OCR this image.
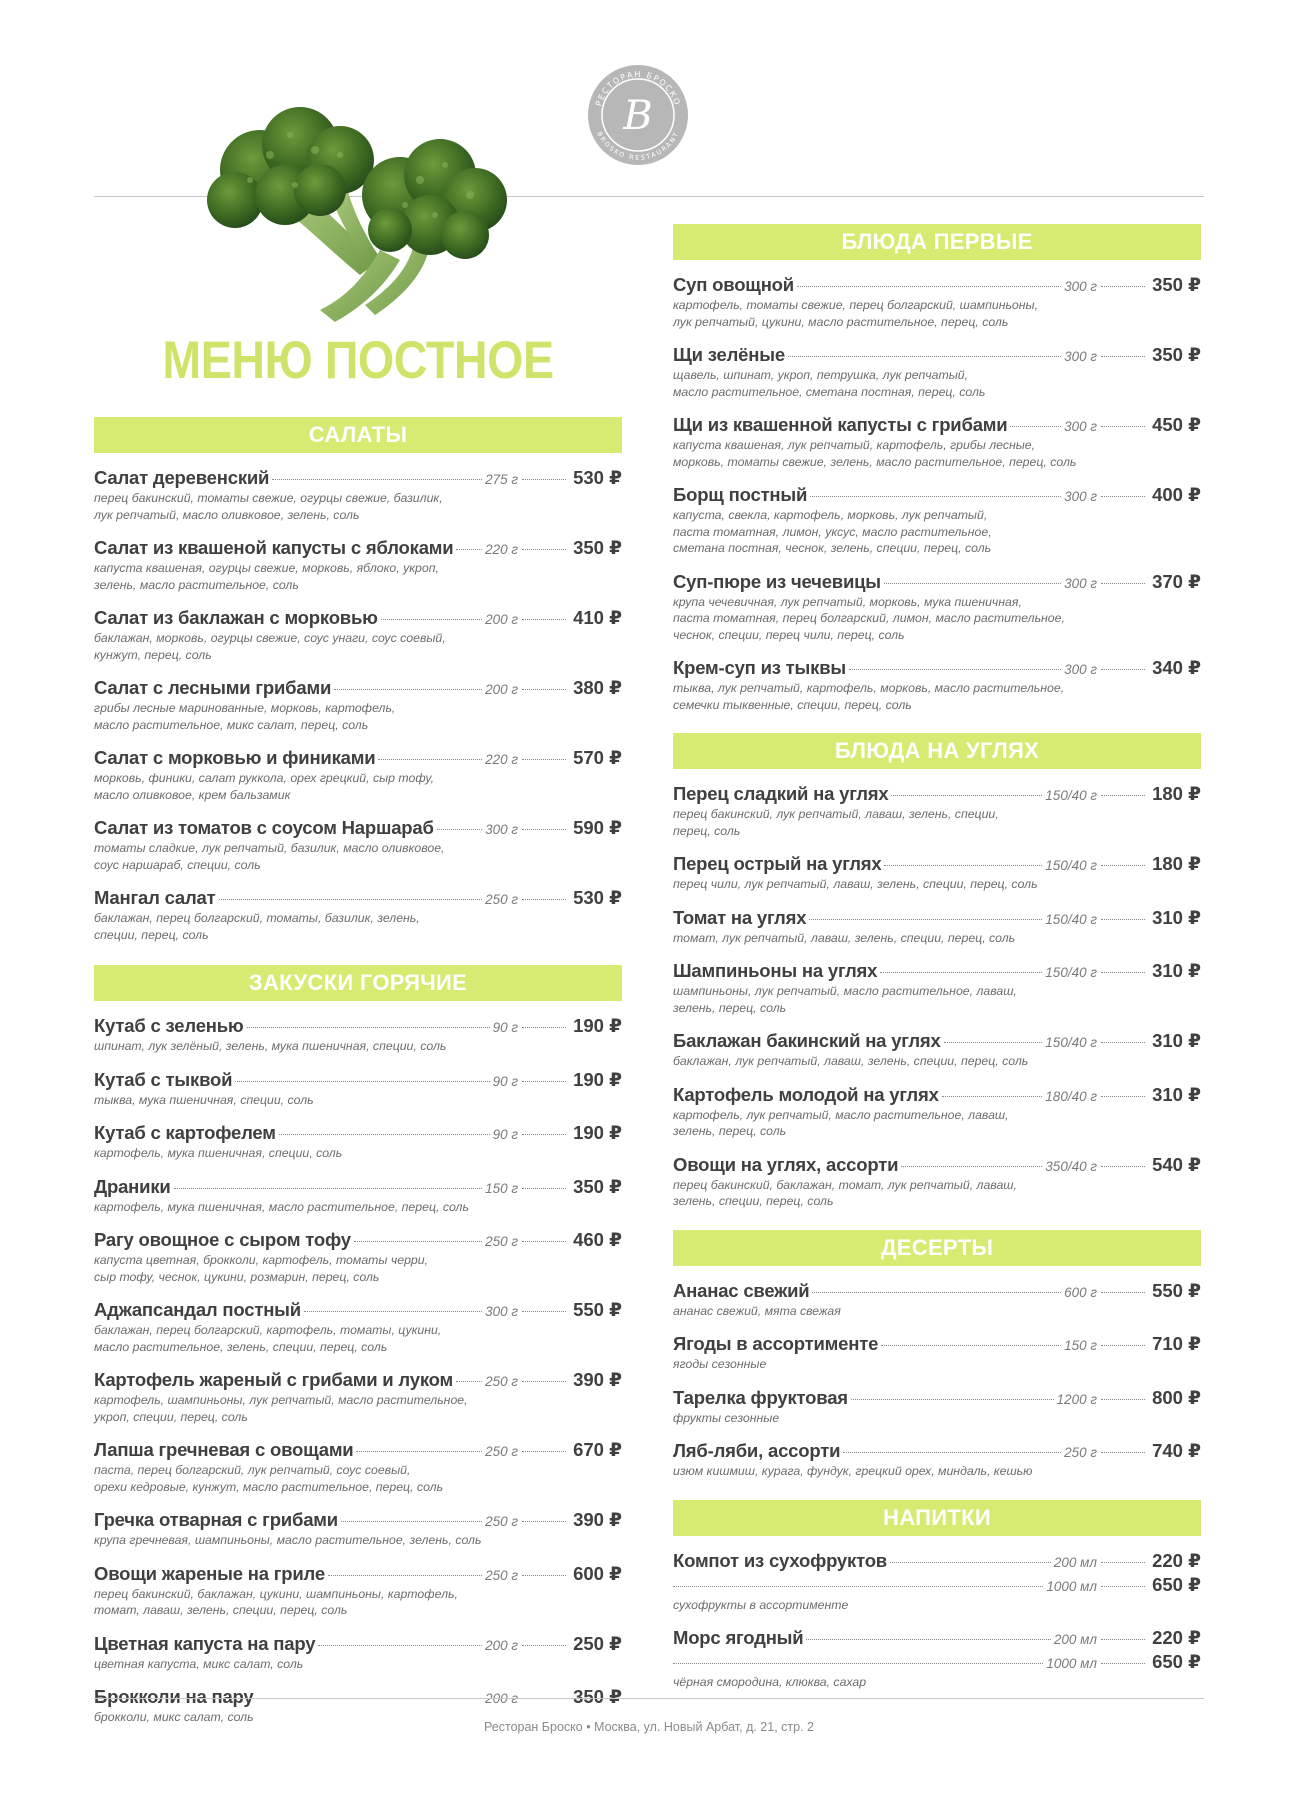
РЕСТОРАН БРОСКО
BROSKO RESTAURANT
B
МЕНЮ ПОСТНОЕ
САЛАТЫ
Салат деревенский	275 г	530 ₽
перец бакинский, томаты свежие, огурцы свежие, базилик,
лук репчатый, масло оливковое, зелень, соль
Салат из квашеной капусты с яблоками 220 г	350 ₽
капуста квашеная, огурцы свежие, морковь, яблоко, укроп,
зелень, масло растительное, соль
Салат из баклажан с морковью	200 г	410 ₽
баклажан, морковь, огурцы свежие, соус унаги, соус соевый,
кунжут, перец, соль
Салат с лесными грибами	200 г	380 ₽
грибы лесные маринованные, морковь, картофель,
масло растительное, микс салат, перец, соль
Салат с морковью и финиками	220 г	570 ₽
морковь, финики, салат руккола, орех грецкий, сыр тофу,
масло оливковое, крем бальзамик
Салат из томатов с соусом Наршараб	300 г	590 ₽
томаты сладкие, лук репчатый, базилик, масло оливковое,
соус наршараб, специи, соль
Мангал салат	250 г	530 ₽
баклажан, перец болгарский, томаты, базилик, зелень,
специи, перец, соль
ЗАКУСКИ ГОРЯЧИЕ
Кутаб с зеленью	90 г	190 ₽
шпинат, лук зелёный, зелень, мука пшеничная, специи, соль
Кутаб с тыквой	90 г	190 ₽
тыква, мука пшеничная, специи, соль
Кутаб с картофелем	90 г	190 ₽
картофель, мука пшеничная, специи, соль
Драники	150 г	350 ₽
картофель, мука пшеничная, масло растительное, перец, соль
Рагу овощное с сыром тофу	250 г	460 ₽
капуста цветная, брокколи, картофель, томаты черри,
сыр тофу, чеснок, цукини, розмарин, перец, соль
Аджапсандал постный	300 г	550 ₽
баклажан, перец болгарский, картофель, томаты, цукини,
масло растительное, зелень, специи, перец, соль
Картофель жареный с грибами и луком 250 г	390 ₽
картофель, шампиньоны, лук репчатый, масло растительное,
укроп, специи, перец, соль
Лапша гречневая с овощами	250 г	670 ₽
паста, перец болгарский, лук репчатый, соус соевый,
орехи кедровые, кунжут, масло растительное, перец, соль
Гречка отварная с грибами	250 г	390 ₽
крупа гречневая, шампиньоны, масло растительное, зелень, соль
Овощи жареные на гриле	250 г	600 ₽
перец бакинский, баклажан, цукини, шампиньоны, картофель,
томат, лаваш, зелень, специи, перец, соль
Цветная капуста на пару	200 г	250 ₽
цветная капуста, микс салат, соль
Брокколи на пару	200 г	350 ₽
брокколи, микс салат, соль
БЛЮДА ПЕРВЫЕ
Суп овощной	300 г	350 ₽
картофель, томаты свежие, перец болгарский, шампиньоны,
лук репчатый, цукини, масло растительное, перец, соль
Щи зелёные	300 г	350 ₽
щавель, шпинат, укроп, петрушка, лук репчатый,
масло растительное, сметана постная, перец, соль
Щи из квашенной капусты с грибами	300 г	450 ₽
капуста квашеная, лук репчатый, картофель, грибы лесные,
морковь, томаты свежие, зелень, масло растительное, перец, соль
Борщ постный	300 г	400 ₽
капуста, свекла, картофель, морковь, лук репчатый,
паста томатная, лимон, уксус, масло растительное,
сметана постная, чеснок, зелень, специи, перец, соль
Суп-пюре из чечевицы	300 г	370 ₽
крупа чечевичная, лук репчатый, морковь, мука пшеничная,
паста томатная, перец болгарский, лимон, масло растительное,
чеснок, специи, перец чили, перец, соль
Крем-суп из тыквы	300 г	340 ₽
тыква, лук репчатый, картофель, морковь, масло растительное,
семечки тыквенные, специи, перец, соль
БЛЮДА НА УГЛЯХ
Перец сладкий на углях	150/40 г	180 ₽
перец бакинский, лук репчатый, лаваш, зелень, специи,
перец, соль
Перец острый на углях	150/40 г	180 ₽
перец чили, лук репчатый, лаваш, зелень, специи, перец, соль
Томат на углях	150/40 г	310 ₽
томат, лук репчатый, лаваш, зелень, специи, перец, соль
Шампиньоны на углях	150/40 г	310 ₽
шампиньоны, лук репчатый, масло растительное, лаваш,
зелень, перец, соль
Баклажан бакинский на углях	150/40 г	310 ₽
баклажан, лук репчатый, лаваш, зелень, специи, перец, соль
Картофель молодой на углях	180/40 г	310 ₽
картофель, лук репчатый, масло растительное, лаваш,
зелень, перец, соль
Овощи на углях, ассорти	350/40 г	540 ₽
перец бакинский, баклажан, томат, лук репчатый, лаваш,
зелень, специи, перец, соль
ДЕСЕРТЫ
Ананас свежий	600 г	550 ₽
ананас свежий, мята свежая
Ягоды в ассортименте	150 г	710 ₽
ягоды сезонные
Тарелка фруктовая	1200 г	800 ₽
фрукты сезонные
Ляб-ляби, ассорти	250 г	740 ₽
изюм кишмиш, курага, фундук, грецкий орех, миндаль, кешью
НАПИТКИ
Компот из сухофруктов	200 мл	220 ₽
1000 мл	650 ₽
сухофрукты в ассортименте
Морс ягодный	200 мл	220 ₽
1000 мл	650 ₽
чёрная смородина, клюква, сахар
Ресторан Броско • Москва, ул. Новый Арбат, д. 21, стр. 2
